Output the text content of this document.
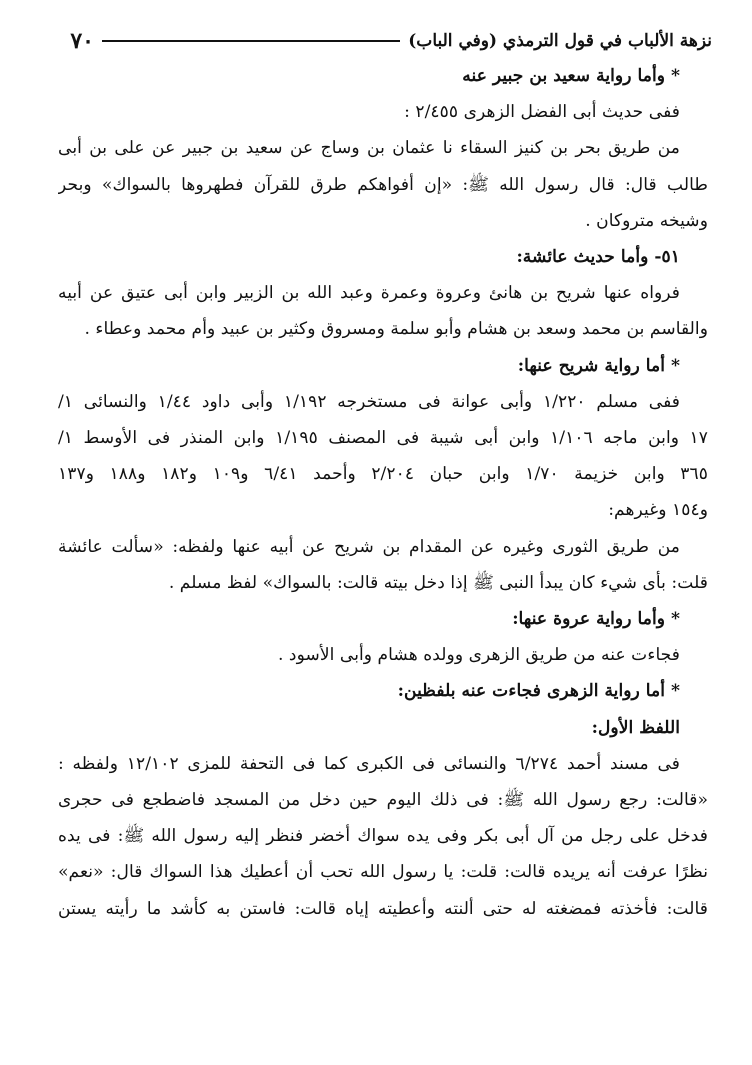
٧٠	نزهة الألباب في قول الترمذي (وفي الباب)
* وأما رواية سعيد بن جبير عنه
ففى حديث أبى الفضل الزهرى ٢/٤٥٥ :
من طريق بحر بن كنيز السقاء نا عثمان بن وساج عن سعيد بن جبير عن على بن أبى
طالب قال: قال رسول الله ﷺ: «إن أفواهكم طرق للقرآن فطهروها بالسواك» وبحر
وشيخه متروكان .
٥١- وأما حديث عائشة:
فرواه عنها شريح بن هانئ وعروة وعمرة وعبد الله بن الزبير وابن أبى عتيق عن أبيه
والقاسم بن محمد وسعد بن هشام وأبو سلمة ومسروق وكثير بن عبيد وأم محمد وعطاء .
* أما رواية شريح عنها:
ففى مسلم ١/٢٢٠ وأبى عوانة فى مستخرجه ١/١٩٢ وأبى داود ١/٤٤ والنسائى ١/
١٧ وابن ماجه ١/١٠٦ وابن أبى شيبة فى المصنف ١/١٩٥ وابن المنذر فى الأوسط ١/
٣٦٥ وابن خزيمة ١/٧٠ وابن حبان ٢/٢٠٤ وأحمد ٦/٤١ و١٠٩ و١٨٢ و١٨٨ و١٣٧
و١٥٤ وغيرهم:
من طريق الثورى وغيره عن المقدام بن شريح عن أبيه عنها ولفظه: «سألت عائشة
قلت: بأى شيء كان يبدأ النبى ﷺ إذا دخل بيته قالت: بالسواك» لفظ مسلم .
* وأما رواية عروة عنها:
فجاءت عنه من طريق الزهرى وولده هشام وأبى الأسود .
* أما رواية الزهرى فجاءت عنه بلفظين:
اللفظ الأول:
فى مسند أحمد ٦/٢٧٤ والنسائى فى الكبرى كما فى التحفة للمزى ١٢/١٠٢ ولفظه :
«قالت: رجع رسول الله ﷺ: فى ذلك اليوم حين دخل من المسجد فاضطجع فى حجرى
فدخل على رجل من آل أبى بكر وفى يده سواك أخضر فنظر إليه رسول الله ﷺ: فى يده
نظرًا عرفت أنه يريده قالت: قلت: يا رسول الله تحب أن أعطيك هذا السواك قال: «نعم»
قالت: فأخذته فمضغته له حتى ألنته وأعطيته إياه قالت: فاستن به كأشد ما رأيته يستن
